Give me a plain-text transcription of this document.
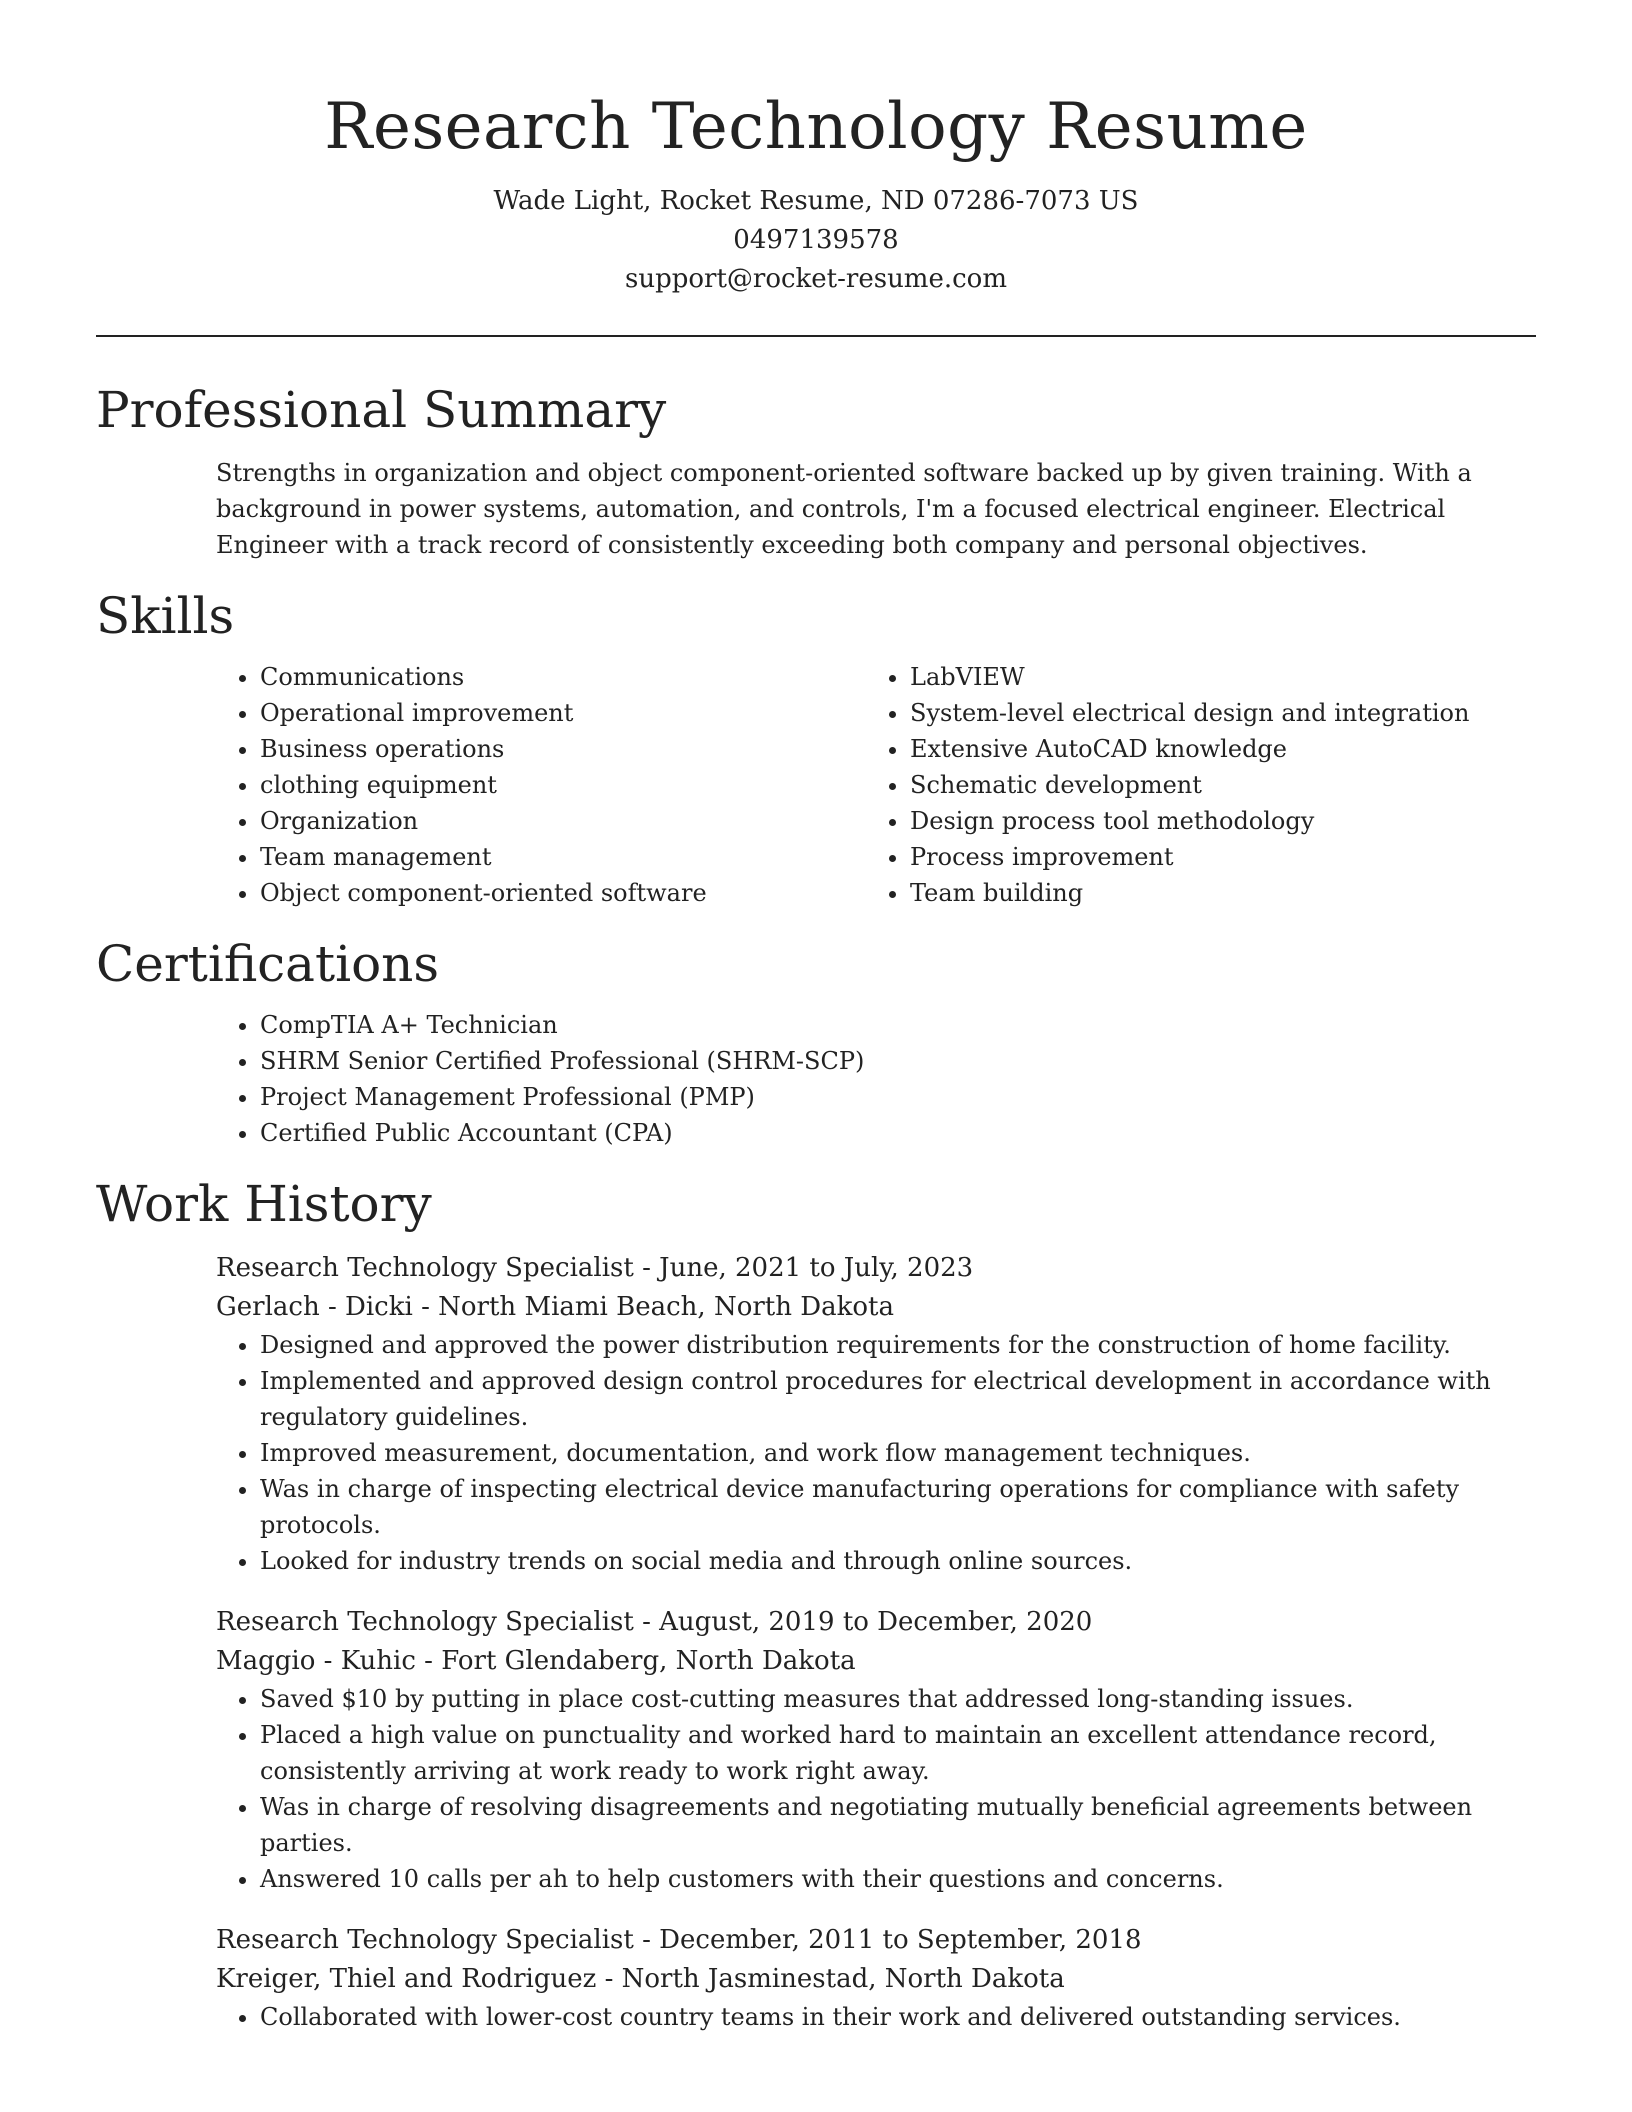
Research Technology Resume
Wade Light, Rocket Resume, ND 07286-7073 US
0497139578
support@rocket-resume.com
Professional Summary
Strengths in organization and object component-oriented software backed up by given training. With a background in power systems, automation, and controls, I'm a focused electrical engineer. Electrical Engineer with a track record of consistently exceeding both company and personal objectives.
Skills
• Communications
• Operational improvement
• Business operations
• clothing equipment
• Organization
• Team management
• Object component-oriented software
• LabVIEW
• System-level electrical design and integration
• Extensive AutoCAD knowledge
• Schematic development
• Design process tool methodology
• Process improvement
• Team building
Certifications
• CompTIA A+ Technician
• SHRM Senior Certified Professional (SHRM-SCP)
• Project Management Professional (PMP)
• Certified Public Accountant (CPA)
Work History
Research Technology Specialist - June, 2021 to July, 2023
Gerlach - Dicki - North Miami Beach, North Dakota
• Designed and approved the power distribution requirements for the construction of home facility.
• Implemented and approved design control procedures for electrical development in accordance with regulatory guidelines.
• Improved measurement, documentation, and work flow management techniques.
• Was in charge of inspecting electrical device manufacturing operations for compliance with safety protocols.
• Looked for industry trends on social media and through online sources.
Research Technology Specialist - August, 2019 to December, 2020
Maggio - Kuhic - Fort Glendaberg, North Dakota
• Saved $10 by putting in place cost-cutting measures that addressed long-standing issues.
• Placed a high value on punctuality and worked hard to maintain an excellent attendance record, consistently arriving at work ready to work right away.
• Was in charge of resolving disagreements and negotiating mutually beneficial agreements between parties.
• Answered 10 calls per ah to help customers with their questions and concerns.
Research Technology Specialist - December, 2011 to September, 2018
Kreiger, Thiel and Rodriguez - North Jasminestad, North Dakota
• Collaborated with lower-cost country teams in their work and delivered outstanding services.
